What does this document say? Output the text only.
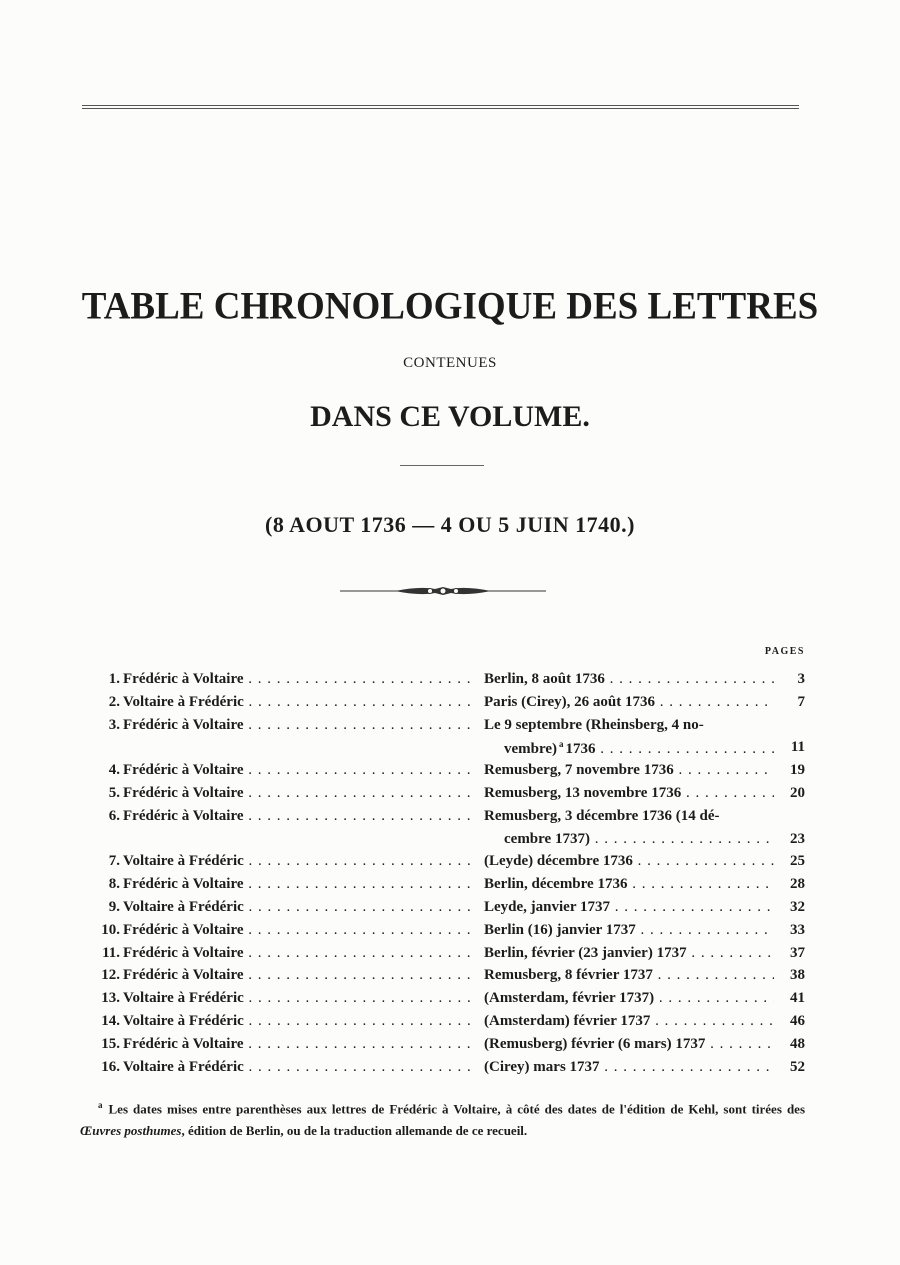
TABLE CHRONOLOGIQUE DES LETTRES
CONTENUES
DANS CE VOLUME.
(8 AOUT 1736 — 4 OU 5 JUIN 1740.)
PAGES
1. Frédéric à Voltaire . . .	Berlin, 8 août 1736 . . .	3
2. Voltaire à Frédéric . . .	Paris (Cirey), 26 août 1736 . . .	7
3. Frédéric à Voltaire . . .	Le 9 septembre (Rheinsberg, 4 no-
vembre) $^a$ 1736 . . .	11
4. Frédéric à Voltaire . . .	Remusberg, 7 novembre 1736 . . .	19
5. Frédéric à Voltaire . . .	Remusberg, 13 novembre 1736 . . .	20
6. Frédéric à Voltaire . . .	Remusberg, 3 décembre 1736 (14 dé-
cembre 1737) . . .	23
7. Voltaire à Frédéric . . .	(Leyde) décembre 1736 . . .	25
8. Frédéric à Voltaire . . .	Berlin, décembre 1736 . . .	28
9. Voltaire à Frédéric . . .	Leyde, janvier 1737 . . .	32
10. Frédéric à Voltaire . . .	Berlin (16) janvier 1737 . . .	33
11. Frédéric à Voltaire . . .	Berlin, février (23 janvier) 1737 . . .	37
12. Frédéric à Voltaire . . .	Remusberg, 8 février 1737 . . .	38
13. Voltaire à Frédéric . . .	(Amsterdam, février 1737) . . .	41
14. Voltaire à Frédéric . . .	(Amsterdam) février 1737 . . .	46
15. Frédéric à Voltaire . . .	(Remusberg) février (6 mars) 1737 . . .	48
16. Voltaire à Frédéric . . .	(Cirey) mars 1737 . . .	52
$^a$ Les dates mises entre parenthèses aux lettres de Frédéric à Voltaire, à côté des dates de l'édition de Kehl, sont tirées des Œuvres posthumes, édition de Berlin, ou de la traduction allemande de ce recueil.
